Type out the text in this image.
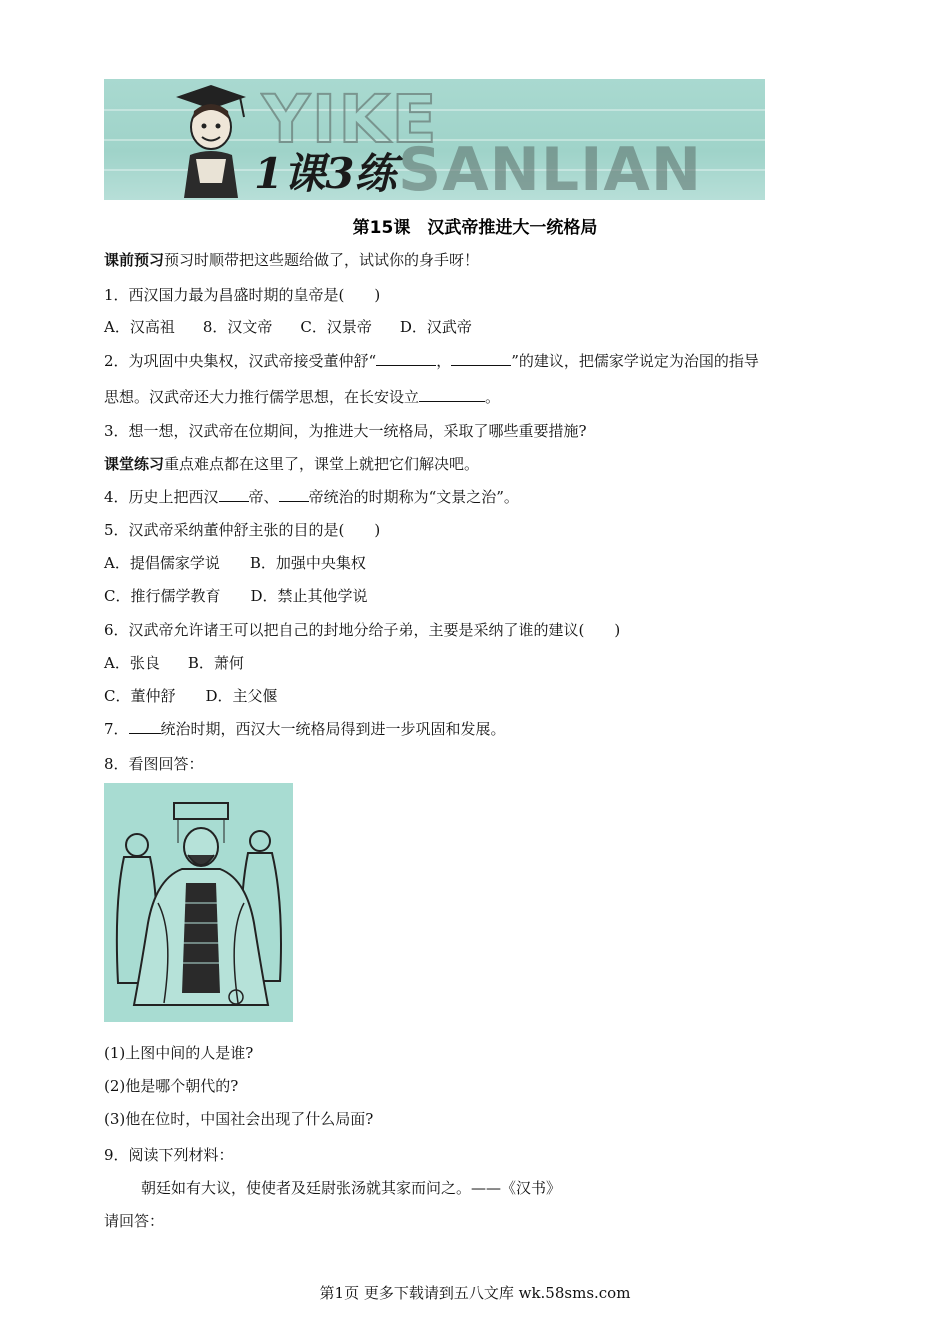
YIKE
SANLIAN
1课3练
第15课　汉武帝推进大一统格局
课前预习预习时顺带把这些题给做了，试试你的身手呀！
1．西汉国力最为昌盛时期的皇帝是(　　)
A．汉高祖 8．汉文帝 C．汉景帝 D．汉武帝
2．为巩固中央集权，汉武帝接受董仲舒“	，	”的建议，把儒家学说定为治国的指导
思想。汉武帝还大力推行儒学思想，在长安设立	。
3．想一想，汉武帝在位期间，为推进大一统格局，采取了哪些重要措施?
课堂练习重点难点都在这里了，课堂上就把它们解决吧。
4．历史上把西汉 帝、 帝统治的时期称为“文景之治”。
5．汉武帝采纳董仲舒主张的目的是(　　)
A．提倡儒家学说 B．加强中央集权
C．推行儒学教育 D．禁止其他学说
6．汉武帝允许诸王可以把自己的封地分给子弟，主要是采纳了谁的建议(　　)
A．张良 B．萧何
C．董仲舒 D．主父偃
7． 统治时期，西汉大一统格局得到进一步巩固和发展。
8．看图回答：
(1)上图中间的人是谁?
(2)他是哪个朝代的?
(3)他在位时，中国社会出现了什么局面?
9．阅读下列材料：
朝廷如有大议，使使者及廷尉张汤就其家而问之。——《汉书》
请回答：
第1页 更多下载请到五八文库 wk.58sms.com
